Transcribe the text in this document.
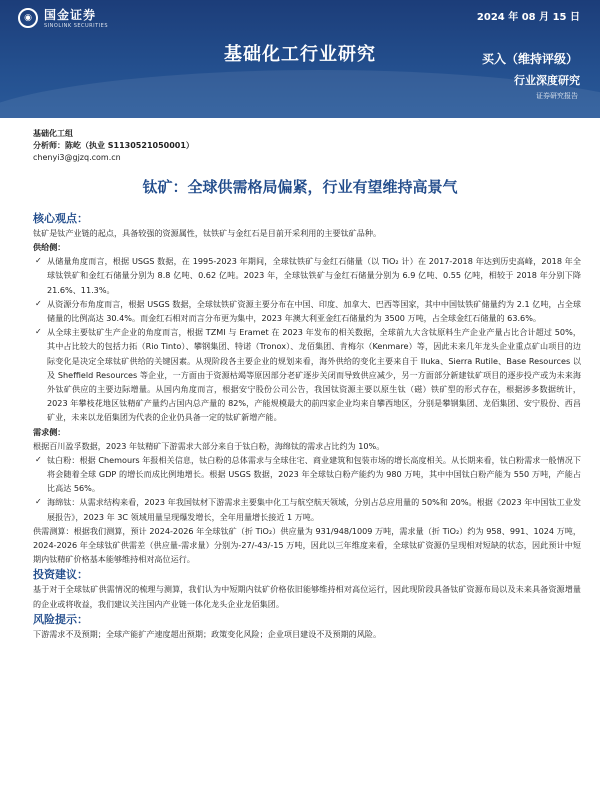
◉	国金证券
SINOLINK SECURITIES
2024 年 08 月 15 日
基础化工行业研究	买入（维持评级）
行业深度研究
证券研究报告
基础化工组
分析师：陈屹（执业 S1130521050001）
chenyi3@gjzq.com.cn
钛矿：全球供需格局偏紧，行业有望维持高景气
核心观点：
钛矿是钛产业链的起点，具备较强的资源属性，钛铁矿与金红石是目前开采利用的主要钛矿品种。
供给侧：
✓ 从储量角度而言，根据 USGS 数据，在 1995-2023 年期间，全球钛铁矿与金红石储量（以 TiO₂ 计）在 2017-2018 年达到历史高峰，2018 年全球钛铁矿和金红石储量分别为 8.8 亿吨、0.62 亿吨。2023 年，全球钛铁矿与金红石储量分别为 6.9 亿吨、0.55 亿吨，相较于 2018 年分别下降 21.6%、11.3%。
✓ 从资源分布角度而言，根据 USGS 数据，全球钛铁矿资源主要分布在中国、印度、加拿大、巴西等国家，其中中国钛铁矿储量约为 2.1 亿吨，占全球储量的比例高达 30.4%。而金红石相对而言分布更为集中，2023 年澳大利亚金红石储量约为 3500 万吨，占全球金红石储量的 63.6%。
✓ 从全球主要钛矿生产企业的角度而言，根据 TZMI 与 Eramet 在 2023 年发布的相关数据，全球前九大含钛原料生产企业产量占比合计超过 50%，其中占比较大的包括力拓（Rio Tinto）、攀钢集团、特诺（Tronox）、龙佰集团、肯梅尔（Kenmare）等，因此未来几年龙头企业重点矿山项目的边际变化是决定全球钛矿供给的关键因素。从现阶段各主要企业的规划来看，海外供给的变化主要来自于 Iluka、Sierra Rutile、Base Resources 以及 Sheffield Resources 等企业，一方面由于资源枯竭等原因部分老矿逐步关闭而导致供应减少，另一方面部分新建钛矿项目的逐步投产或为未来海外钛矿供应的主要边际增量。从国内角度而言，根据安宁股份公司公告，我国钛资源主要以原生钛（磁）铁矿型的形式存在，根据涉多数据统计，2023 年攀枝花地区钛精矿产量约占国内总产量的 82%，产能规模最大的前四家企业均来自攀西地区，分别是攀钢集团、龙佰集团、安宁股份、西昌矿业，未来以龙佰集团为代表的企业仍具备一定的钛矿新增产能。
需求侧：
根据百川盈孚数据，2023 年钛精矿下游需求大部分来自于钛白粉，海绵钛的需求占比约为 10%。
✓ 钛白粉：根据 Chemours 年报相关信息，钛白粉的总体需求与全球住宅、商业建筑和包装市场的增长高度相关。从长期来看，钛白粉需求一般情况下将会随着全球 GDP 的增长而成比例地增长。根据 USGS 数据，2023 年全球钛白粉产能约为 980 万吨，其中中国钛白粉产能为 550 万吨，产能占比高达 56%。
✓ 海绵钛：从需求结构来看，2023 年我国钛材下游需求主要集中化工与航空航天领域，分别占总应用量的 50%和 20%。根据《2023 年中国钛工业发展报告》，2023 年 3C 领域用量呈现爆发增长，全年用量增长接近 1 万吨。
供需测算：根据我们测算，预计 2024-2026 年全球钛矿（折 TiO₂）供应量为 931/948/1009 万吨，需求量（折 TiO₂）约为 958、991、1024 万吨，2024-2026 年全球钛矿供需差（供应量-需求量）分别为-27/-43/-15 万吨，因此以三年维度来看，全球钛矿资源仍呈现相对短缺的状态，因此预计中短期内钛精矿价格基本能够维持相对高位运行。
投资建议：
基于对于全球钛矿供需情况的梳理与测算，我们认为中短期内钛矿价格依旧能够维持相对高位运行，因此现阶段具备钛矿资源布局以及未来具备资源增量的企业或将收益，我们建议关注国内产业链一体化龙头企业龙佰集团。
风险提示：
下游需求不及预期；全球产能扩产速度超出预期；政策变化风险；企业项目建设不及预期的风险。
